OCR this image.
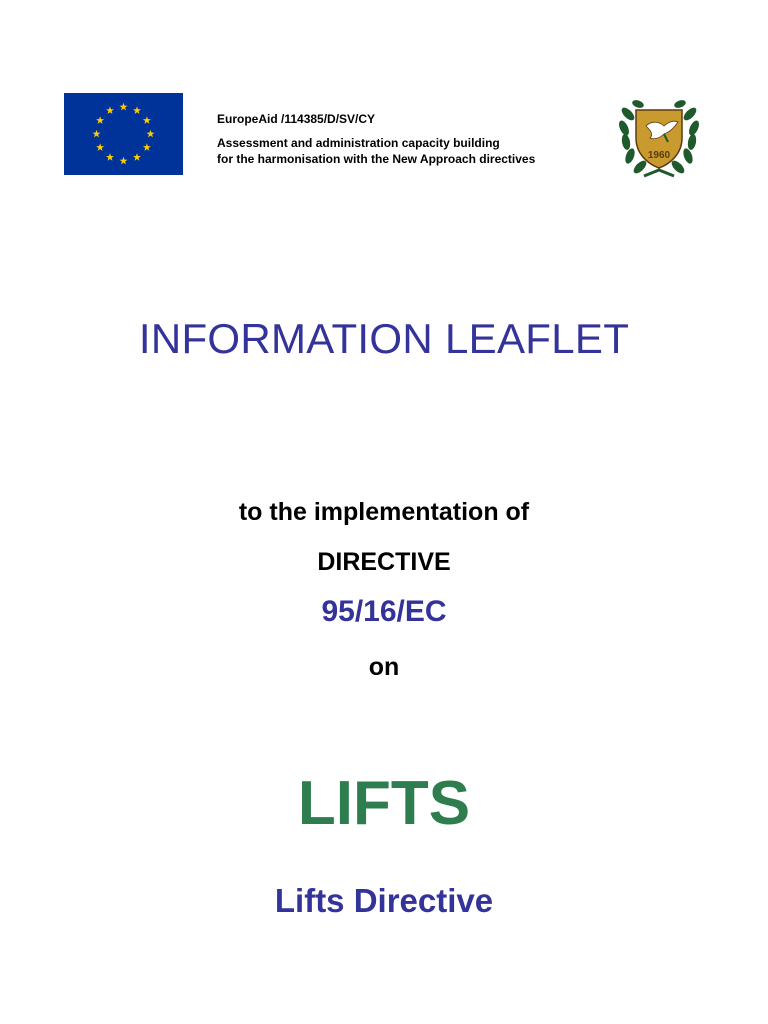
EuropeAid /114385/D/SV/CY
Assessment and administration capacity building
for the harmonisation with the New Approach directives	1960
INFORMATION LEAFLET
to the implementation of
DIRECTIVE
95/16/EC
on
LIFTS
Lifts Directive
